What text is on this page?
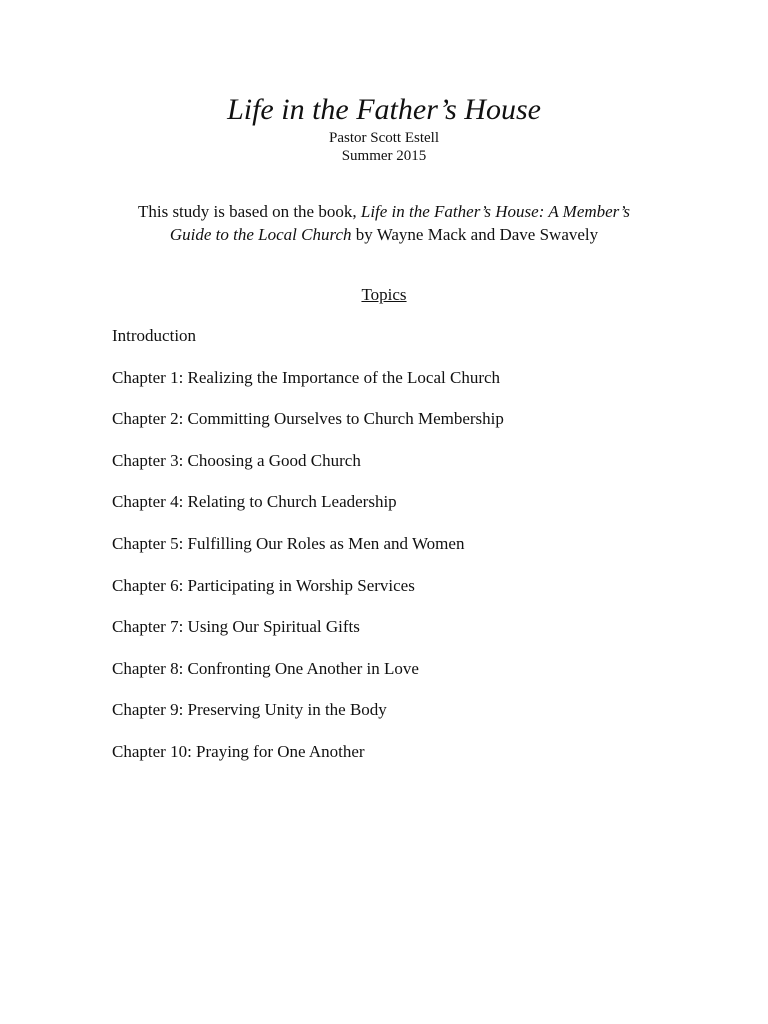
Life in the Father’s House
Pastor Scott Estell
Summer 2015
This study is based on the book, Life in the Father’s House: A Member’s Guide to the Local Church by Wayne Mack and Dave Swavely
Topics
Introduction
Chapter 1: Realizing the Importance of the Local Church
Chapter 2: Committing Ourselves to Church Membership
Chapter 3: Choosing a Good Church
Chapter 4: Relating to Church Leadership
Chapter 5: Fulfilling Our Roles as Men and Women
Chapter 6: Participating in Worship Services
Chapter 7: Using Our Spiritual Gifts
Chapter 8: Confronting One Another in Love
Chapter 9: Preserving Unity in the Body
Chapter 10: Praying for One Another
